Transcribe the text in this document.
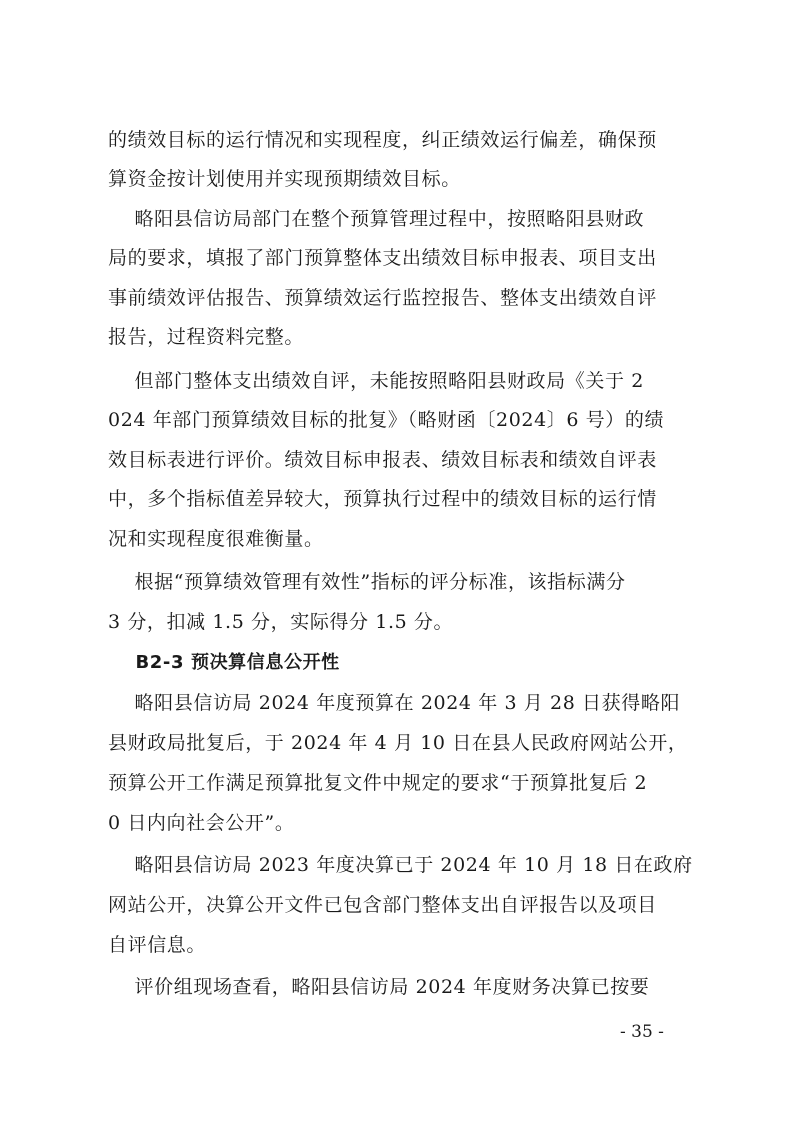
的绩效目标的运行情况和实现程度，纠正绩效运行偏差，确保预
算资金按计划使用并实现预期绩效目标。
略阳县信访局部门在整个预算管理过程中，按照略阳县财政
局的要求，填报了部门预算整体支出绩效目标申报表、项目支出
事前绩效评估报告、预算绩效运行监控报告、整体支出绩效自评
报告，过程资料完整。
但部门整体支出绩效自评，未能按照略阳县财政局《关于 2
024 年部门预算绩效目标的批复》（略财函〔2024〕6 号）的绩
效目标表进行评价。绩效目标申报表、绩效目标表和绩效自评表
中，多个指标值差异较大，预算执行过程中的绩效目标的运行情
况和实现程度很难衡量。
根据“预算绩效管理有效性”指标的评分标准，该指标满分
3 分，扣减 1.5 分，实际得分 1.5 分。
B2-3 预决算信息公开性
略阳县信访局 2024 年度预算在 2024 年 3 月 28 日获得略阳
县财政局批复后，于 2024 年 4 月 10 日在县人民政府网站公开，
预算公开工作满足预算批复文件中规定的要求“于预算批复后 2
0 日内向社会公开”。
略阳县信访局 2023 年度决算已于 2024 年 10 月 18 日在政府
网站公开，决算公开文件已包含部门整体支出自评报告以及项目
自评信息。
评价组现场查看，略阳县信访局 2024 年度财务决算已按要
- 35 -
